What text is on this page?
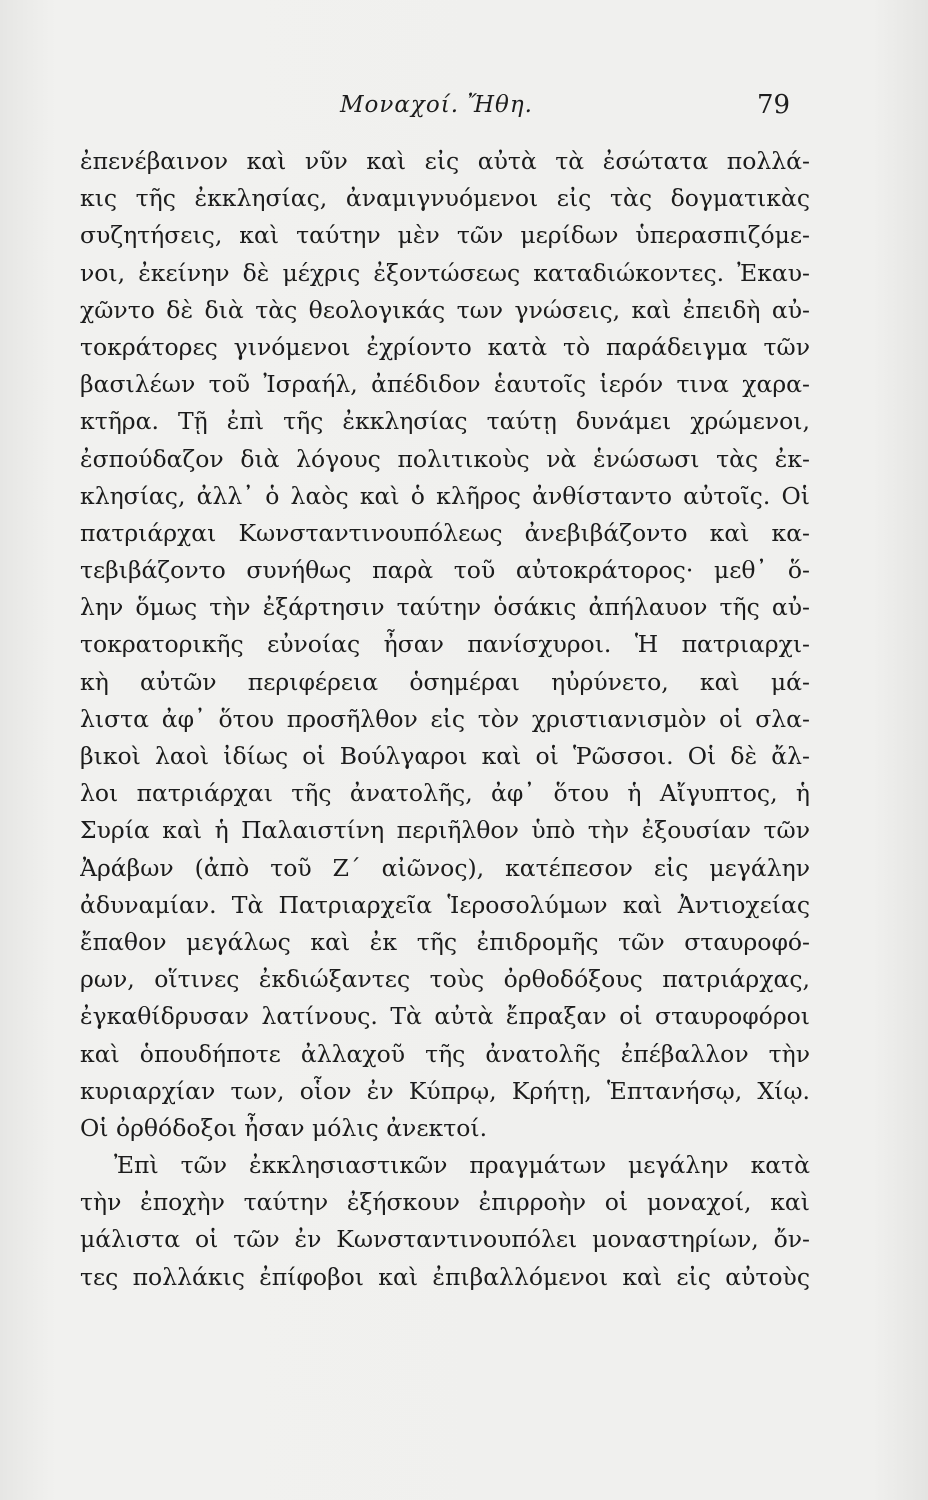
Μοναχοί. Ἤθη.	79
ἐπενέβαινον καὶ νῦν καὶ εἰς αὐτὰ τὰ ἐσώτατα πολλά-
κις τῆς ἐκκλησίας, ἀναμιγνυόμενοι εἰς τὰς δογματικὰς
συζητήσεις, καὶ ταύτην μὲν τῶν μερίδων ὑπερασπιζόμε-
νοι, ἐκείνην δὲ μέχρις ἐξοντώσεως καταδιώκοντες. Ἐκαυ-
χῶντο δὲ διὰ τὰς θεολογικάς των γνώσεις, καὶ ἐπειδὴ αὐ-
τοκράτορες γινόμενοι ἐχρίοντο κατὰ τὸ παράδειγμα τῶν
βασιλέων τοῦ Ἰσραήλ, ἀπέδιδον ἑαυτοῖς ἱερόν τινα χαρα-
κτῆρα. Τῇ ἐπὶ τῆς ἐκκλησίας ταύτῃ δυνάμει χρώμενοι,
ἐσπούδαζον διὰ λόγους πολιτικοὺς νὰ ἑνώσωσι τὰς ἐκ-
κλησίας, ἀλλ᾽ ὁ λαὸς καὶ ὁ κλῆρος ἀνθίσταντο αὐτοῖς. Οἱ
πατριάρχαι Κωνσταντινουπόλεως ἀνεβιβάζοντο καὶ κα-
τεβιβάζοντο συνήθως παρὰ τοῦ αὐτοκράτορος· μεθ᾽ ὅ-
λην ὅμως τὴν ἐξάρτησιν ταύτην ὁσάκις ἀπήλαυον τῆς αὐ-
τοκρατορικῆς εὐνοίας ἦσαν πανίσχυροι. Ἡ πατριαρχι-
κὴ αὐτῶν περιφέρεια ὁσημέραι ηὐρύνετο, καὶ μά-
λιστα ἀφ᾽ ὅτου προσῆλθον εἰς τὸν χριστιανισμὸν οἱ σλα-
βικοὶ λαοὶ ἰδίως οἱ Βούλγαροι καὶ οἱ Ῥῶσσοι. Οἱ δὲ ἄλ-
λοι πατριάρχαι τῆς ἀνατολῆς, ἀφ᾽ ὅτου ἡ Αἴγυπτος, ἡ
Συρία καὶ ἡ Παλαιστίνη περιῆλθον ὑπὸ τὴν ἐξουσίαν τῶν
Ἀράβων (ἀπὸ τοῦ Ζ΄ αἰῶνος), κατέπεσον εἰς μεγάλην
ἀδυναμίαν. Τὰ Πατριαρχεῖα Ἱεροσολύμων καὶ Ἀντιοχείας
ἔπαθον μεγάλως καὶ ἐκ τῆς ἐπιδρομῆς τῶν σταυροφό-
ρων, οἵτινες ἐκδιώξαντες τοὺς ὀρθοδόξους πατριάρχας,
ἐγκαθίδρυσαν λατίνους. Τὰ αὐτὰ ἔπραξαν οἱ σταυροφόροι
καὶ ὁπουδήποτε ἀλλαχοῦ τῆς ἀνατολῆς ἐπέβαλλον τὴν
κυριαρχίαν των, οἷον ἐν Κύπρῳ, Κρήτῃ, Ἑπτανήσῳ, Χίῳ.
Οἱ ὀρθόδοξοι ἦσαν μόλις ἀνεκτοί.
Ἐπὶ τῶν ἐκκλησιαστικῶν πραγμάτων μεγάλην κατὰ
τὴν ἐποχὴν ταύτην ἐξήσκουν ἐπιρροὴν οἱ μοναχοί, καὶ
μάλιστα οἱ τῶν ἐν Κωνσταντινουπόλει μοναστηρίων, ὄν-
τες πολλάκις ἐπίφοβοι καὶ ἐπιβαλλόμενοι καὶ εἰς αὐτοὺς
